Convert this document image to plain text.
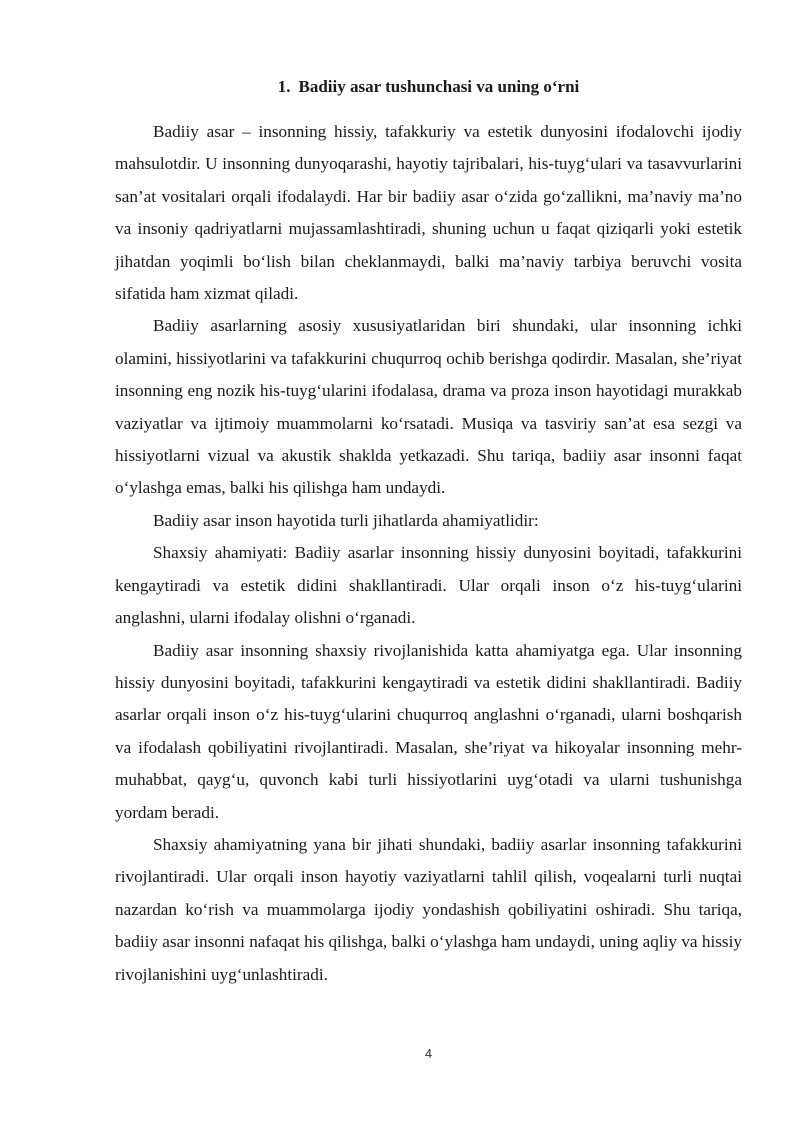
1. Badiiy asar tushunchasi va uning o‘rni

Badiiy asar – insonning hissiy, tafakkuriy va estetik dunyosini ifodalovchi ijodiy mahsulotdir. U insonning dunyoqarashi, hayotiy tajribalari, his-tuyg‘ulari va tasavvurlarini san’at vositalari orqali ifodalaydi. Har bir badiiy asar o‘zida go‘zallikni, ma’naviy ma’no va insoniy qadriyatlarni mujassamlashtiradi, shuning uchun u faqat qiziqarli yoki estetik jihatdan yoqimli bo‘lish bilan cheklanmaydi, balki ma’naviy tarbiya beruvchi vosita sifatida ham xizmat qiladi.

Badiiy asarlarning asosiy xususiyatlaridan biri shundaki, ular insonning ichki olamini, hissiyotlarini va tafakkurini chuqurroq ochib berishga qodirdir. Masalan, she’riyat insonning eng nozik his-tuyg‘ularini ifodalasa, drama va proza inson hayotidagi murakkab vaziyatlar va ijtimoiy muammolarni ko‘rsatadi. Musiqa va tasviriy san’at esa sezgi va hissiyotlarni vizual va akustik shaklda yetkazadi. Shu tariqa, badiiy asar insonni faqat o‘ylashga emas, balki his qilishga ham undaydi.

Badiiy asar inson hayotida turli jihatlarda ahamiyatlidir:

Shaxsiy ahamiyati: Badiiy asarlar insonning hissiy dunyosini boyitadi, tafakkurini kengaytiradi va estetik didini shakllantiradi. Ular orqali inson o‘z his-tuyg‘ularini anglashni, ularni ifodalay olishni o‘rganadi.

Badiiy asar insonning shaxsiy rivojlanishida katta ahamiyatga ega. Ular insonning hissiy dunyosini boyitadi, tafakkurini kengaytiradi va estetik didini shakllantiradi. Badiiy asarlar orqali inson o‘z his-tuyg‘ularini chuqurroq anglashni o‘rganadi, ularni boshqarish va ifodalash qobiliyatini rivojlantiradi. Masalan, she’riyat va hikoyalar insonning mehr-muhabbat, qayg‘u, quvonch kabi turli hissiyotlarini uyg‘otadi va ularni tushunishga yordam beradi.

Shaxsiy ahamiyatning yana bir jihati shundaki, badiiy asarlar insonning tafakkurini rivojlantiradi. Ular orqali inson hayotiy vaziyatlarni tahlil qilish, voqealarni turli nuqtai nazardan ko‘rish va muammolarga ijodiy yondashish qobiliyatini oshiradi. Shu tariqa, badiiy asar insonni nafaqat his qilishga, balki o‘ylashga ham undaydi, uning aqliy va hissiy rivojlanishini uyg‘unlashtiradi.

4
